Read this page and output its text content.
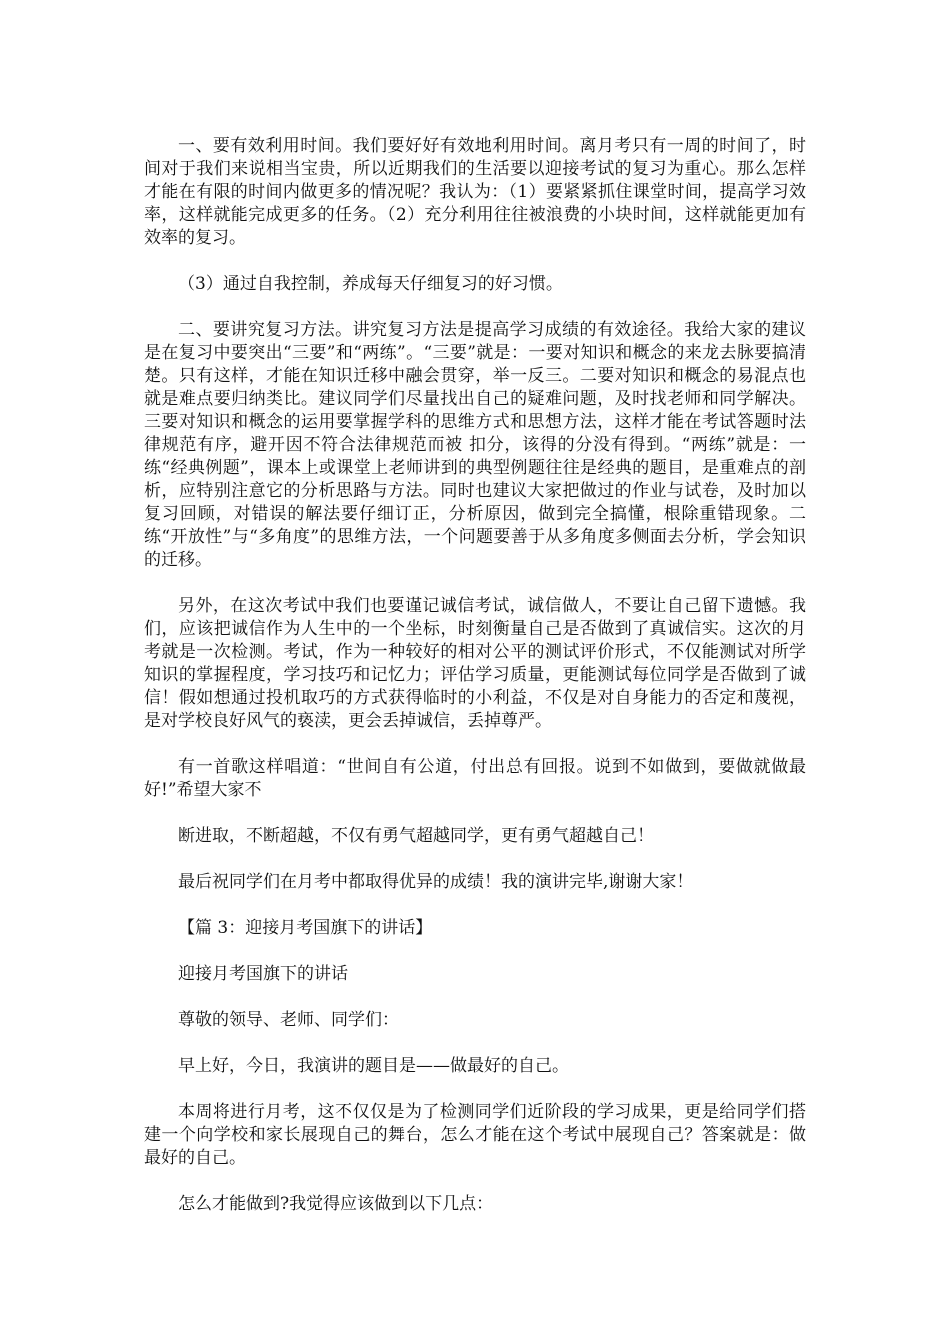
一、要有效利用时间。我们要好好有效地利用时间。离月考只有一周的时间了，时间对于我们来说相当宝贵，所以近期我们的生活要以迎接考试的复习为重心。那么怎样才能在有限的时间内做更多的情况呢？我认为：（1）要紧紧抓住课堂时间，提高学习效率，这样就能完成更多的任务。（2）充分利用往往被浪费的小块时间，这样就能更加有效率的复习。

（3）通过自我控制，养成每天仔细复习的好习惯。

二、要讲究复习方法。讲究复习方法是提高学习成绩的有效途径。我给大家的建议是在复习中要突出“三要”和“两练”。“三要”就是：一要对知识和概念的来龙去脉要搞清楚。只有这样，才能在知识迁移中融会贯穿，举一反三。二要对知识和概念的易混点也就是难点要归纳类比。建议同学们尽量找出自己的疑难问题，及时找老师和同学解决。三要对知识和概念的运用要掌握学科的思维方式和思想方法，这样才能在考试答题时法律规范有序，避开因不符合法律规范而被 扣分，该得的分没有得到。“两练”就是：一练“经典例题”，课本上或课堂上老师讲到的典型例题往往是经典的题目，是重难点的剖析，应特别注意它的分析思路与方法。同时也建议大家把做过的作业与试卷，及时加以复习回顾，对错误的解法要仔细订正，分析原因，做到完全搞懂，根除重错现象。二练“开放性”与“多角度”的思维方法，一个问题要善于从多角度多侧面去分析，学会知识的迁移。

另外，在这次考试中我们也要谨记诚信考试，诚信做人，不要让自己留下遗憾。我们，应该把诚信作为人生中的一个坐标，时刻衡量自己是否做到了真诚信实。这次的月考就是一次检测。考试，作为一种较好的相对公平的测试评价形式，不仅能测试对所学知识的掌握程度，学习技巧和记忆力；评估学习质量，更能测试每位同学是否做到了诚信！假如想通过投机取巧的方式获得临时的小利益，不仅是对自身能力的否定和蔑视，是对学校良好风气的亵渎，更会丢掉诚信，丢掉尊严。

有一首歌这样唱道：“世间自有公道，付出总有回报。说到不如做到，要做就做最好!”希望大家不

断进取，不断超越，不仅有勇气超越同学，更有勇气超越自己！

最后祝同学们在月考中都取得优异的成绩！我的演讲完毕,谢谢大家！

【篇 3：迎接月考国旗下的讲话】

迎接月考国旗下的讲话

尊敬的领导、老师、同学们：

早上好，今日，我演讲的题目是——做最好的自己。

本周将进行月考，这不仅仅是为了检测同学们近阶段的学习成果，更是给同学们搭建一个向学校和家长展现自己的舞台，怎么才能在这个考试中展现自己？答案就是：做最好的自己。

怎么才能做到?我觉得应该做到以下几点：
